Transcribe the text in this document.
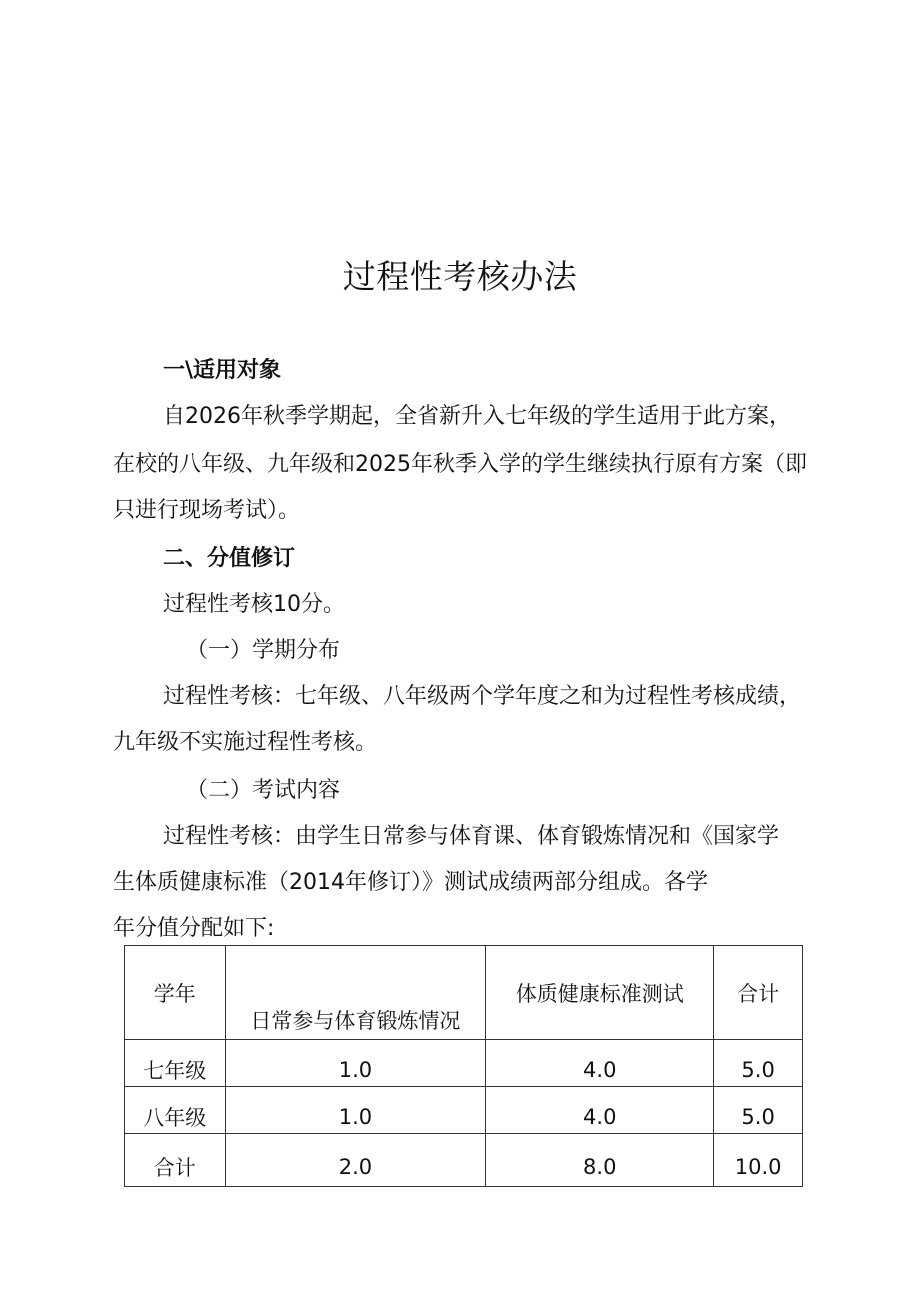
过程性考核办法
一\适用对象
自2026年秋季学期起，全省新升入七年级的学生适用于此方案，
在校的八年级、九年级和2025年秋季入学的学生继续执行原有方案（即
只进行现场考试）。
二、分值修订
过程性考核10分。
（一）学期分布
过程性考核：七年级、八年级两个学年度之和为过程性考核成绩，
九年级不实施过程性考核。
（二）考试内容
过程性考核：由学生日常参与体育课、体育锻炼情况和《国家学
生体质健康标准（2014年修订）》测试成绩两部分组成。各学
年分值分配如下:
学年	日常参与体育锻炼情况	体质健康标准测试	合计
七年级	1.0	4.0	5.0
八年级	1.0	4.0	5.0
合计	2.0	8.0	10.0
